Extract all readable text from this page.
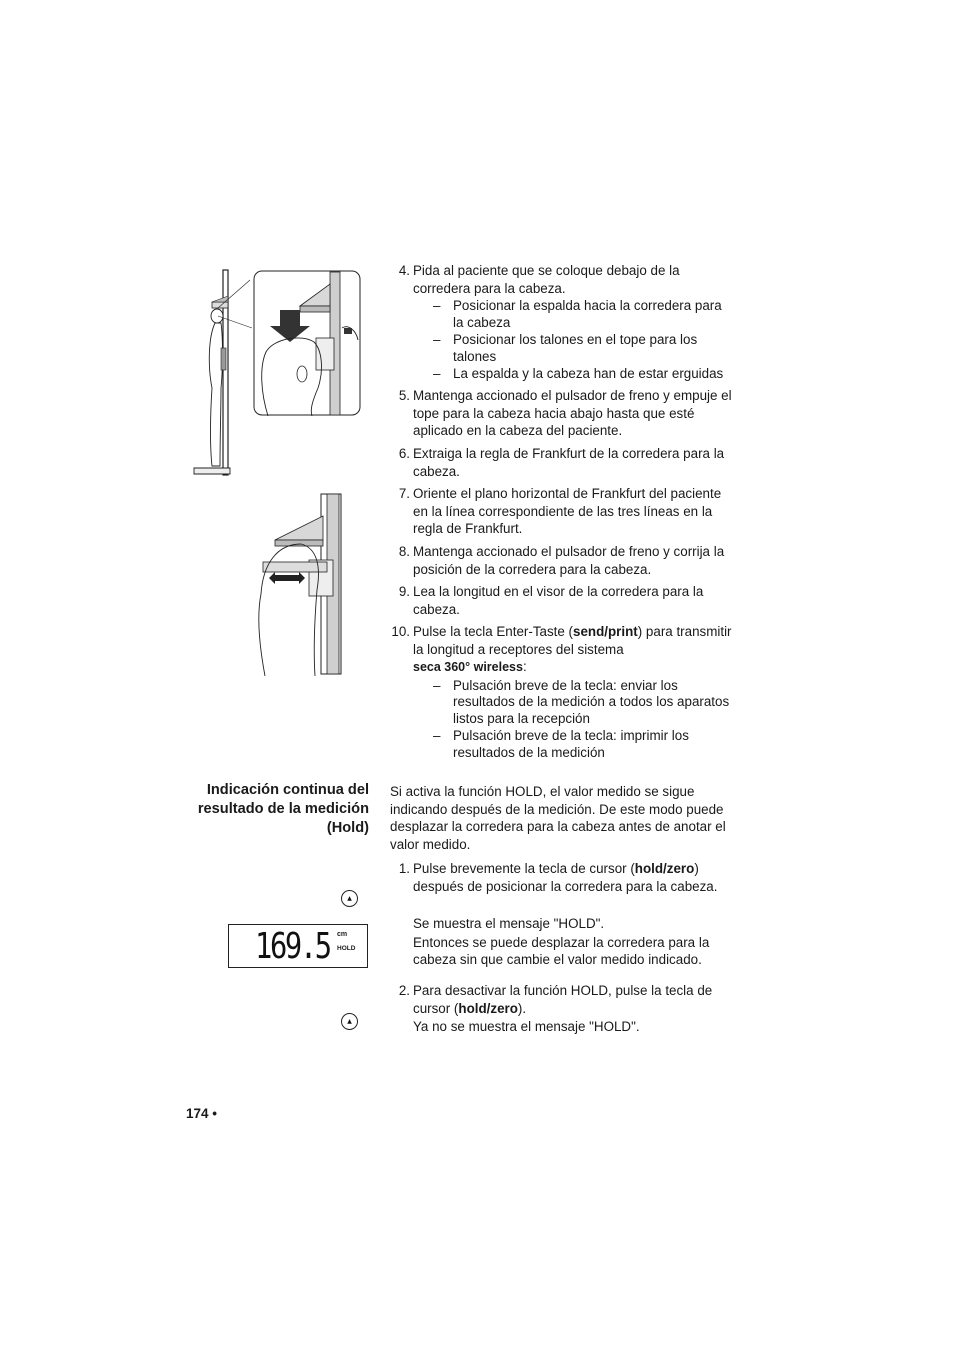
4. Pida al paciente que se coloque debajo de la corredera para la cabeza.
– Posicionar la espalda hacia la corredera para la cabeza
– Posicionar los talones en el tope para los talones
– La espalda y la cabeza han de estar erguidas
5. Mantenga accionado el pulsador de freno y empuje el tope para la cabeza hacia abajo hasta que esté aplicado en la cabeza del paciente.
6. Extraiga la regla de Frankfurt de la corredera para la cabeza.
7. Oriente el plano horizontal de Frankfurt del paciente en la línea correspondiente de las tres líneas en la regla de Frankfurt.
8. Mantenga accionado el pulsador de freno y corrija la posición de la corredera para la cabeza.
9. Lea la longitud en el visor de la corredera para la cabeza.
10. Pulse la tecla Enter-Taste (send/print) para transmitir la longitud a receptores del sistema
seca 360° wireless:
– Pulsación breve de la tecla: enviar los resultados de la medición a todos los aparatos listos para la recepción
– Pulsación breve de la tecla: imprimir los resultados de la medición
Indicación continua del resultado de la medición (Hold)
Si activa la función HOLD, el valor medido se sigue indicando después de la medición. De este modo puede desplazar la corredera para la cabeza antes de anotar el valor medido.
1. Pulse brevemente la tecla de cursor (hold/zero) después de posicionar la corredera para la cabeza.
Se muestra el mensaje "HOLD".
Entonces se puede desplazar la corredera para la cabeza sin que cambie el valor medido indicado.
2. Para desactivar la función HOLD, pulse la tecla de cursor (hold/zero).
Ya no se muestra el mensaje "HOLD".
▲
169.5 cm
HOLD
▲
174 •
